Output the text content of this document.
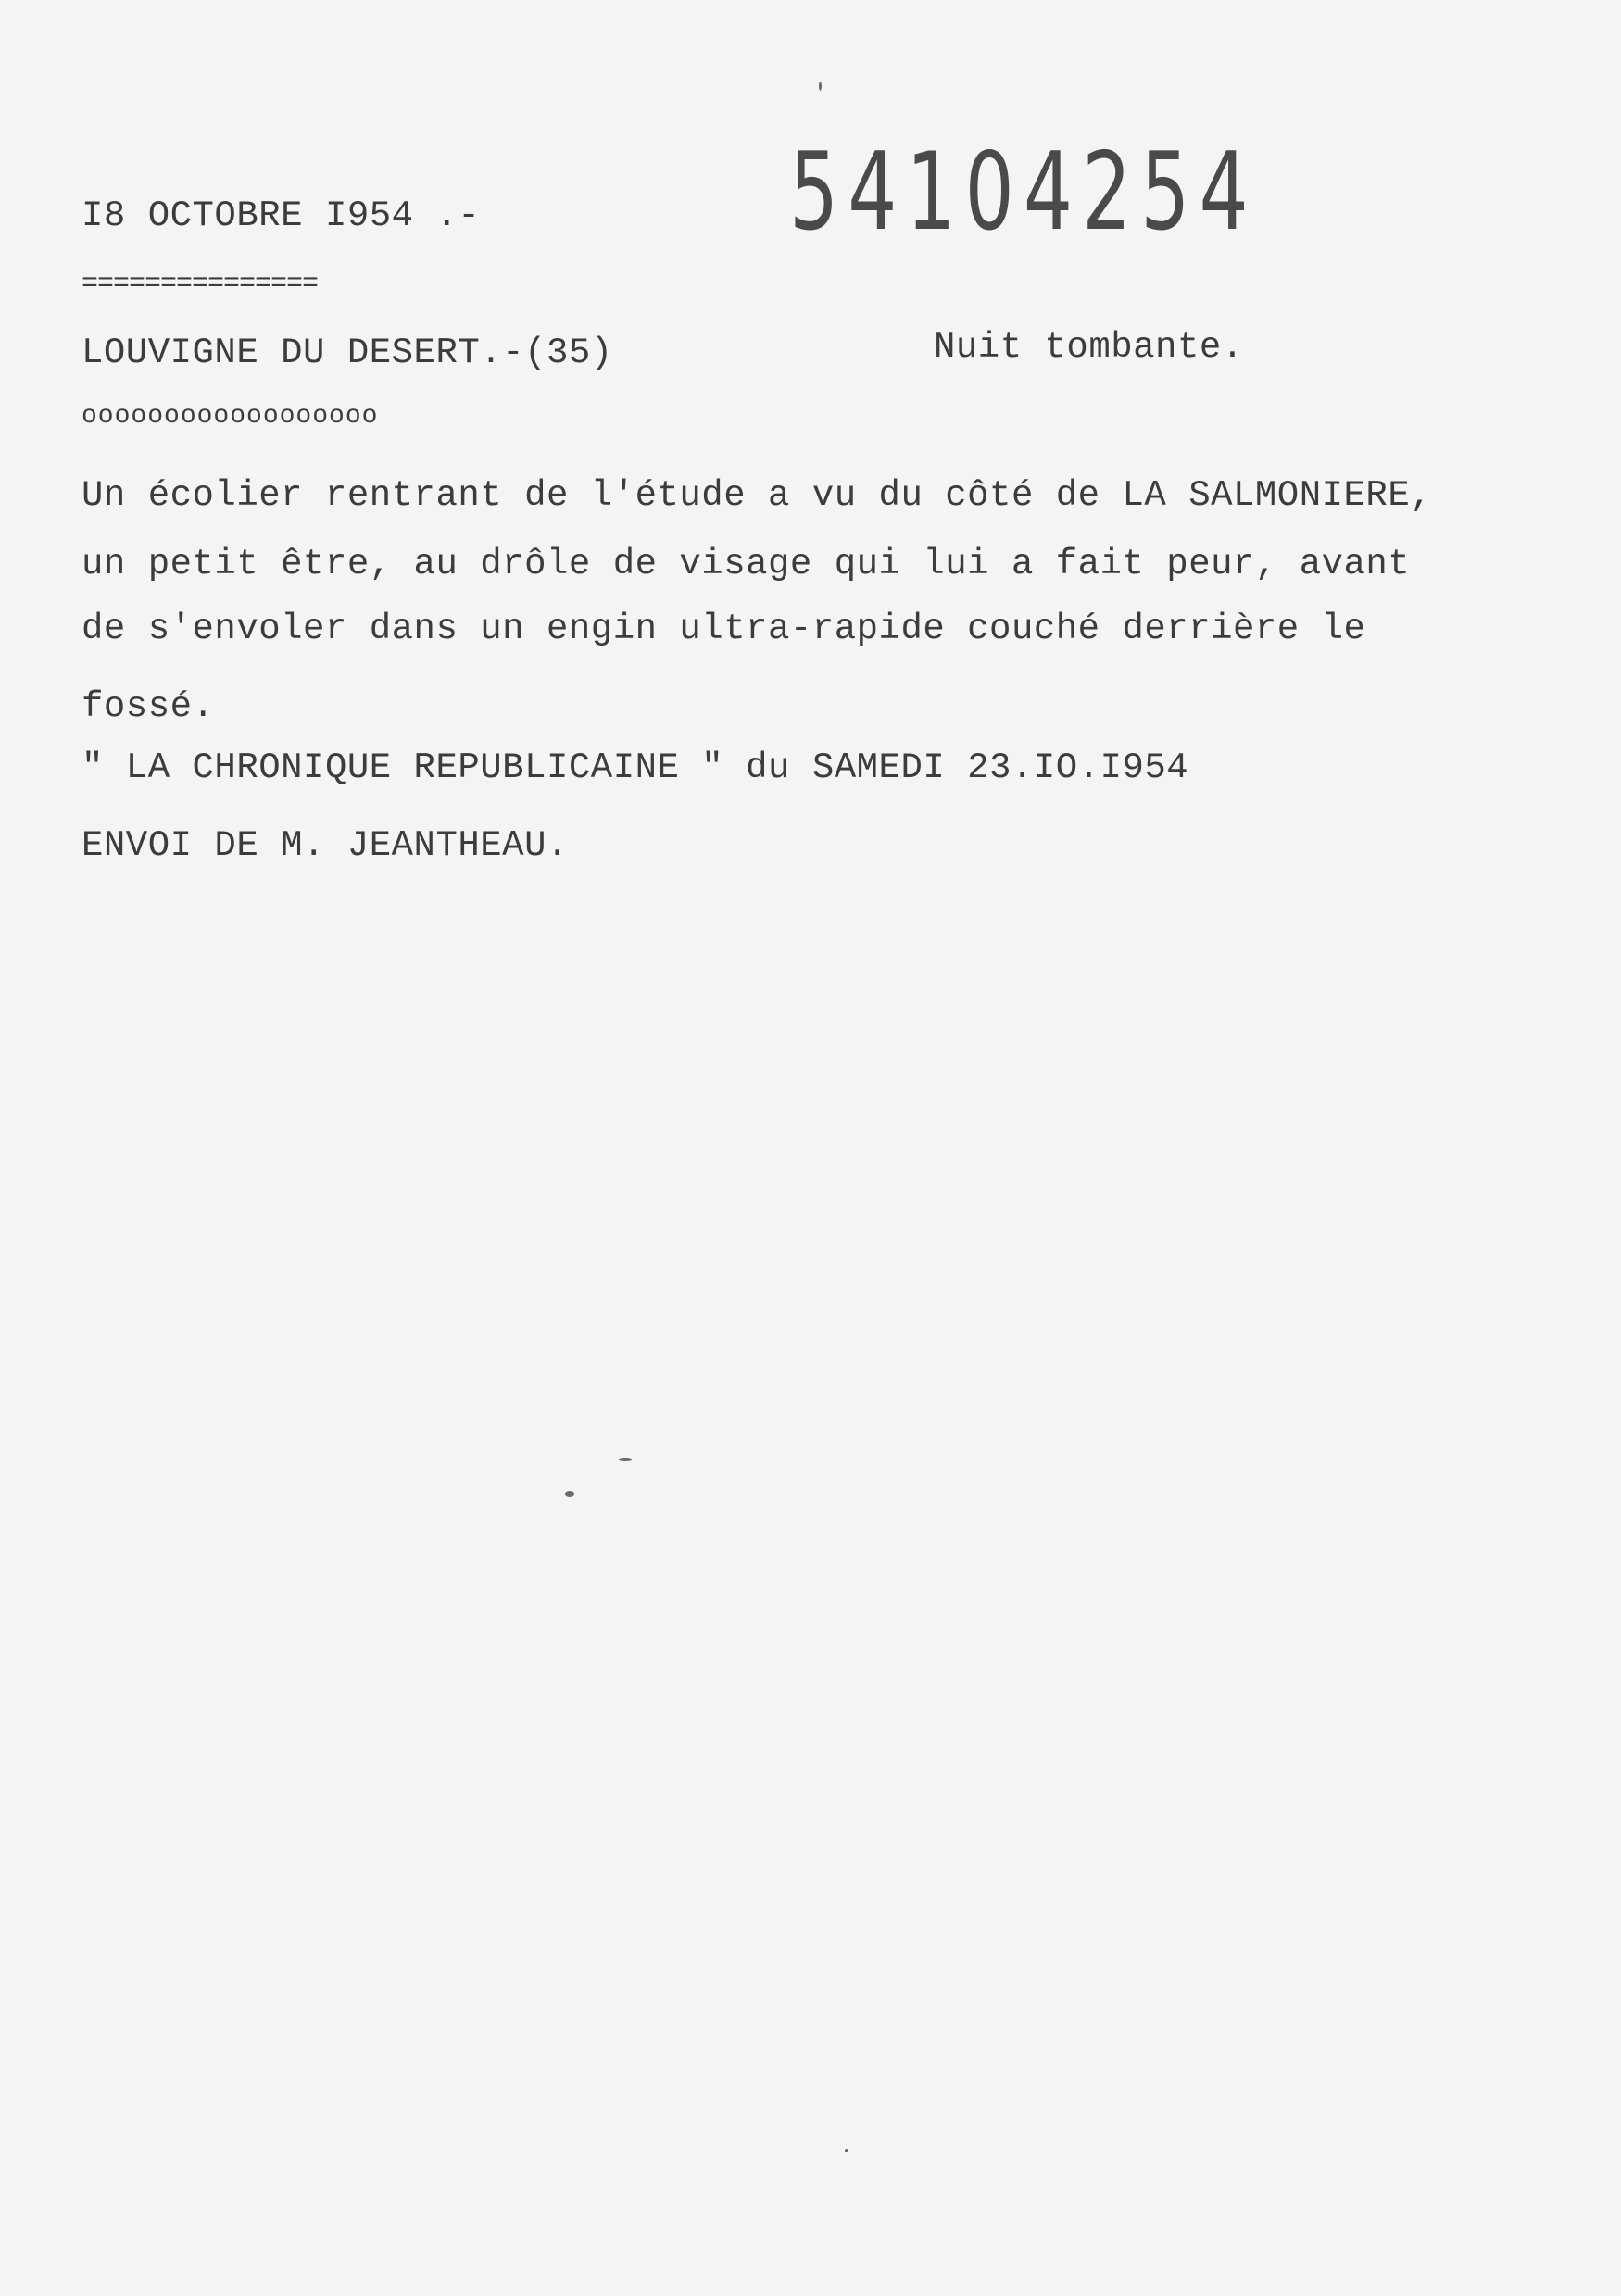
54104254
I8 OCTOBRE I954 .-
===============
LOUVIGNE DU DESERT.-(35)	Nuit tombante.
oooooooooooooooooo
Un écolier rentrant de l'étude a vu du côté de LA SALMONIERE,
un petit être, au drôle de visage qui lui a fait peur, avant
de s'envoler dans un engin ultra-rapide couché derrière le
fossé.
" LA CHRONIQUE REPUBLICAINE " du SAMEDI 23.IO.I954
ENVOI DE M. JEANTHEAU.
